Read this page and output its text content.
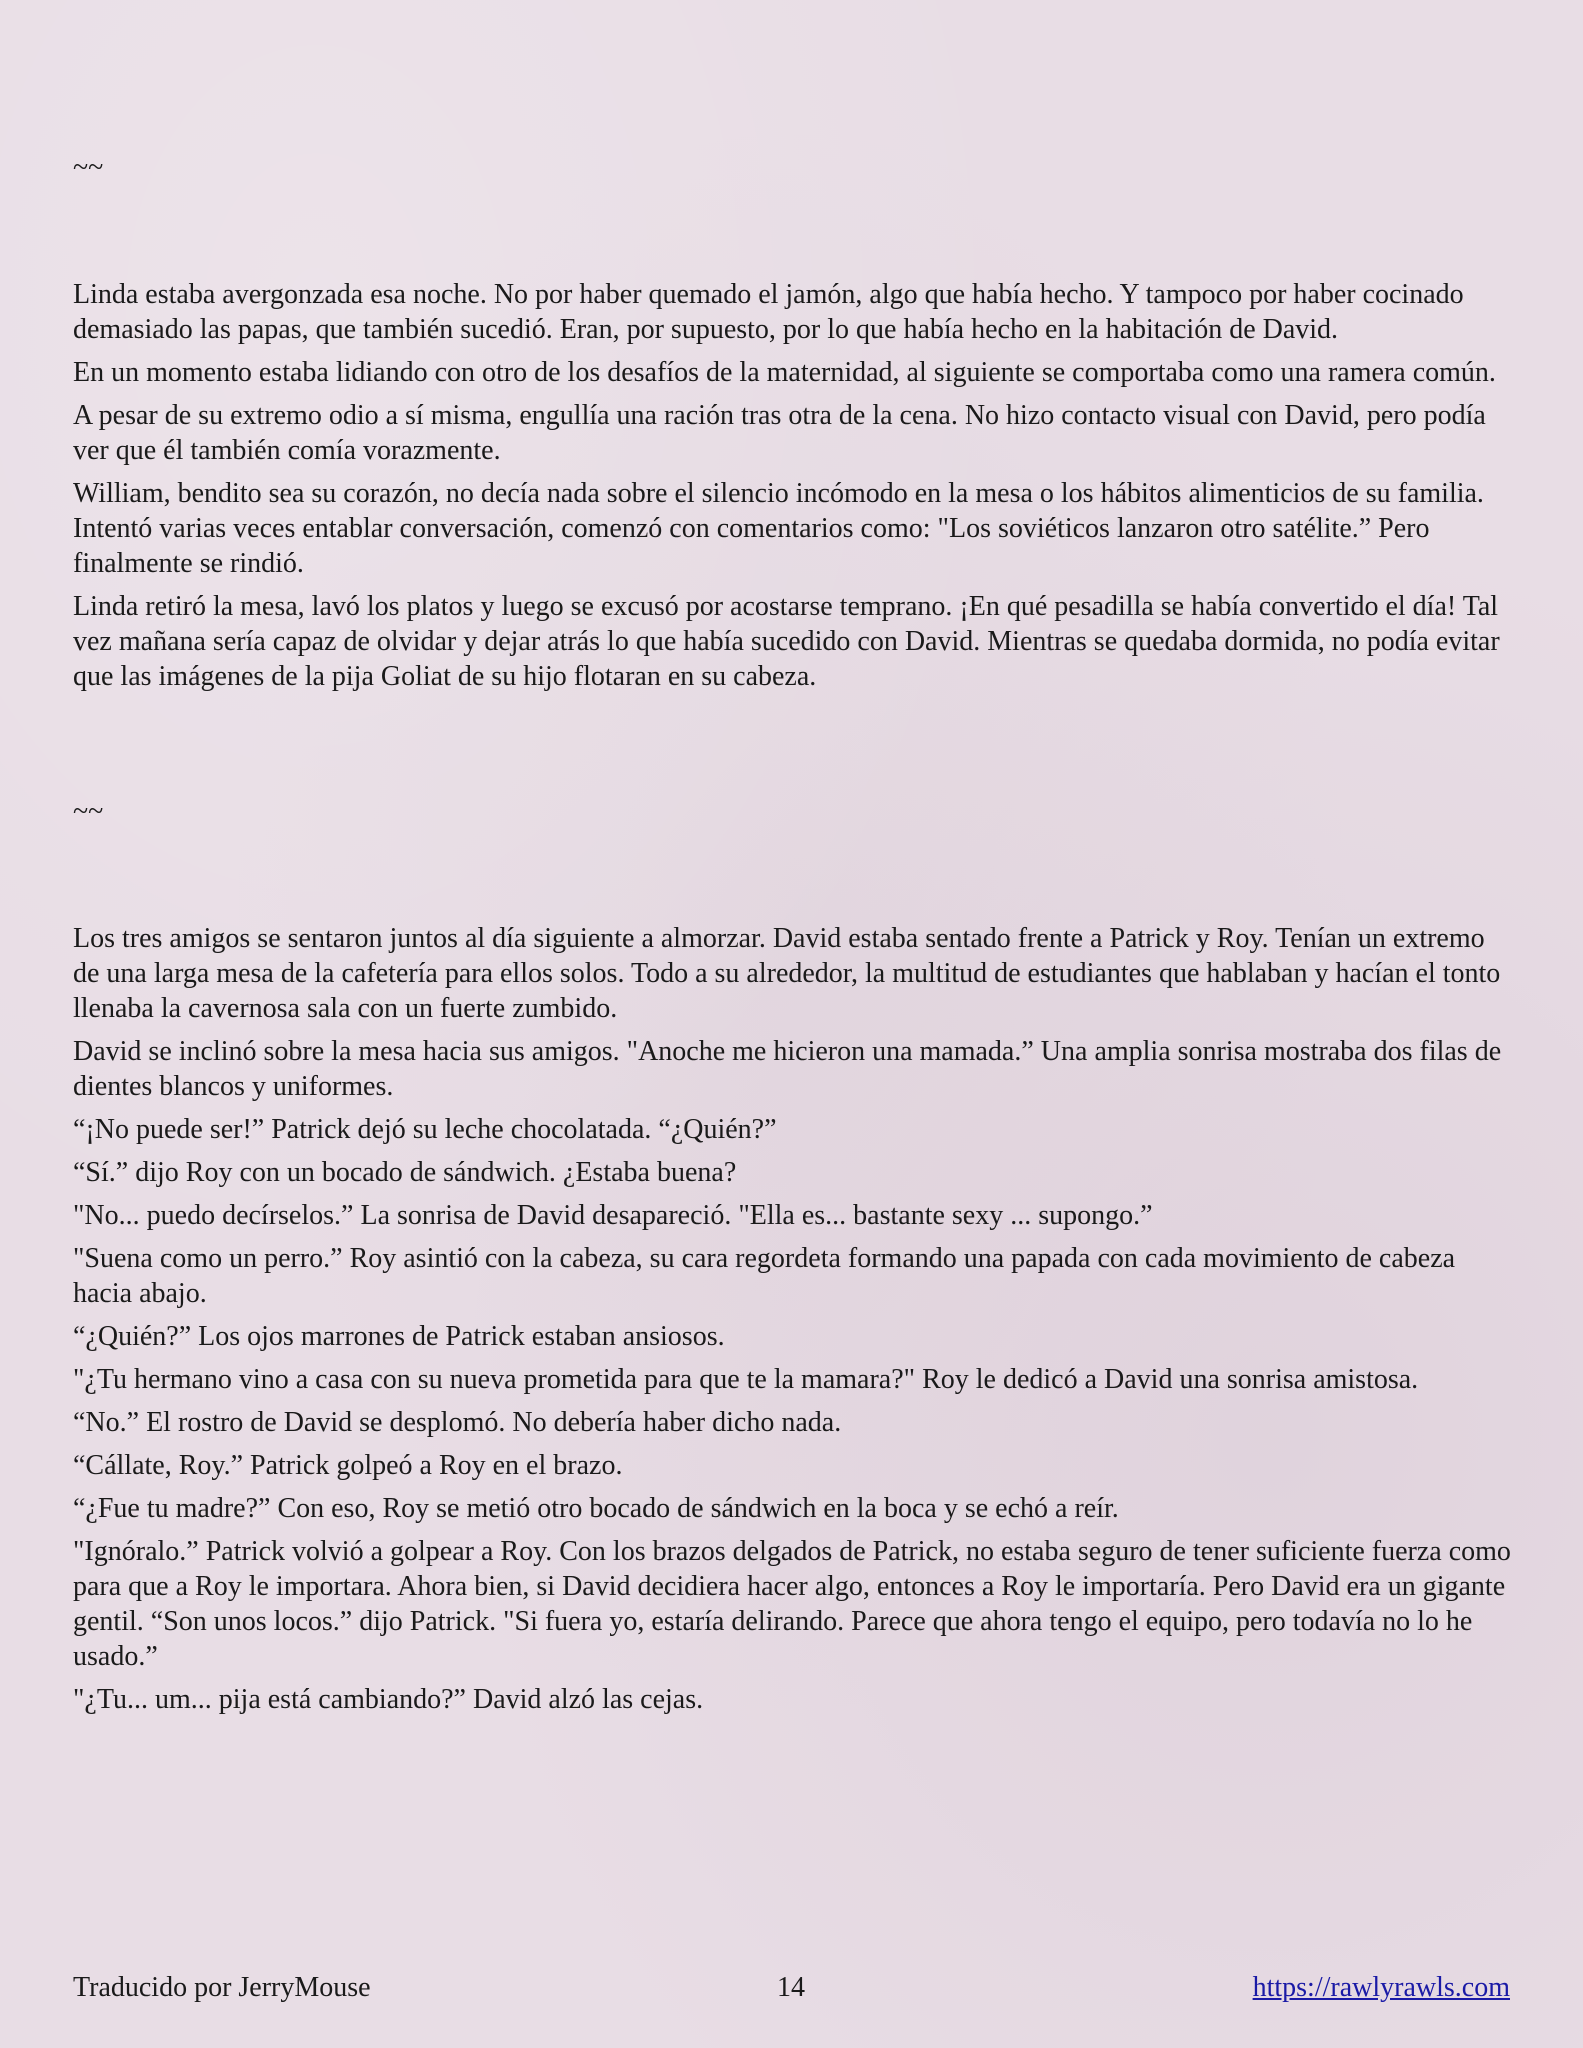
~~

Linda estaba avergonzada esa noche. No por haber quemado el jamón, algo que había hecho. Y tampoco por haber cocinado demasiado las papas, que también sucedió. Eran, por supuesto, por lo que había hecho en la habitación de David.

En un momento estaba lidiando con otro de los desafíos de la maternidad, al siguiente se comportaba como una ramera común.

A pesar de su extremo odio a sí misma, engullía una ración tras otra de la cena. No hizo contacto visual con David, pero podía ver que él también comía vorazmente.

William, bendito sea su corazón, no decía nada sobre el silencio incómodo en la mesa o los hábitos alimenticios de su familia. Intentó varias veces entablar conversación, comenzó con comentarios como: "Los soviéticos lanzaron otro satélite.” Pero finalmente se rindió.

Linda retiró la mesa, lavó los platos y luego se excusó por acostarse temprano. ¡En qué pesadilla se había convertido el día! Tal vez mañana sería capaz de olvidar y dejar atrás lo que había sucedido con David. Mientras se quedaba dormida, no podía evitar que las imágenes de la pija Goliat de su hijo flotaran en su cabeza.

~~

Los tres amigos se sentaron juntos al día siguiente a almorzar. David estaba sentado frente a Patrick y Roy. Tenían un extremo de una larga mesa de la cafetería para ellos solos. Todo a su alrededor, la multitud de estudiantes que hablaban y hacían el tonto llenaba la cavernosa sala con un fuerte zumbido.

David se inclinó sobre la mesa hacia sus amigos. "Anoche me hicieron una mamada.” Una amplia sonrisa mostraba dos filas de dientes blancos y uniformes.

“¡No puede ser!” Patrick dejó su leche chocolatada. “¿Quién?”

“Sí.” dijo Roy con un bocado de sándwich. ¿Estaba buena?

"No... puedo decírselos.” La sonrisa de David desapareció. "Ella es... bastante sexy ... supongo.”

"Suena como un perro.” Roy asintió con la cabeza, su cara regordeta formando una papada con cada movimiento de cabeza hacia abajo.

“¿Quién?” Los ojos marrones de Patrick estaban ansiosos.

"¿Tu hermano vino a casa con su nueva prometida para que te la mamara?" Roy le dedicó a David una sonrisa amistosa.

“No.” El rostro de David se desplomó. No debería haber dicho nada.

“Cállate, Roy.” Patrick golpeó a Roy en el brazo.

“¿Fue tu madre?” Con eso, Roy se metió otro bocado de sándwich en la boca y se echó a reír.

"Ignóralo.” Patrick volvió a golpear a Roy. Con los brazos delgados de Patrick, no estaba seguro de tener suficiente fuerza como para que a Roy le importara. Ahora bien, si David decidiera hacer algo, entonces a Roy le importaría. Pero David era un gigante gentil. “Son unos locos.” dijo Patrick. "Si fuera yo, estaría delirando. Parece que ahora tengo el equipo, pero todavía no lo he usado.”

"¿Tu... um... pija está cambiando?” David alzó las cejas.

Traducido por JerryMouse	14	https://rawlyrawls.com
